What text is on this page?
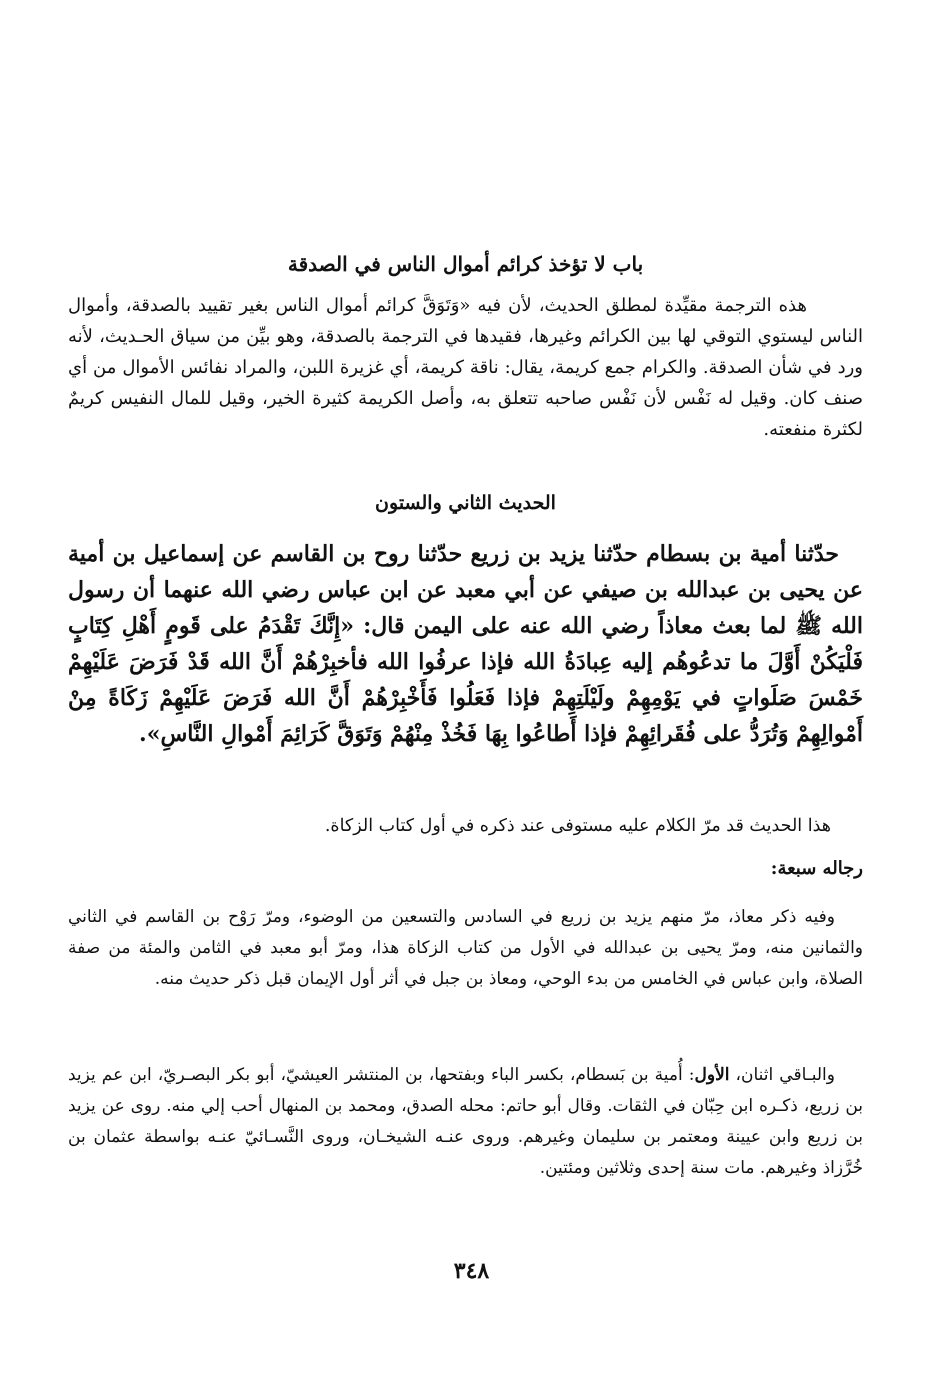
باب لا تؤخذ كرائم أموال الناس في الصدقة

هذه الترجمة مقيِّدة لمطلق الحديث، لأن فيه «وَتَوَقَّ كرائم أموال الناس بغير تقييد بالصدقة، وأموال الناس ليستوي التوقي لها بين الكرائم وغيرها، فقيدها في الترجمة بالصدقة، وهو بيِّن من سياق الحـديث، لأنه ورد في شأن الصدقة. والكرام جمع كريمة، يقال: ناقة كريمة، أي غزيرة اللبن، والمراد نفائس الأموال من أي صنف كان. وقيل له نَفْس لأن نَفْس صاحبه تتعلق به، وأصل الكريمة كثيرة الخير، وقيل للمال النفيس كريمٌ لكثرة منفعته.

الحديث الثاني والستون

حدّثنا أمية بن بسطام حدّثنا يزيد بن زريع حدّثنا روح بن القاسم عن إسماعيل بن أمية عن يحيى بن عبدالله بن صيفي عن أبي معبد عن ابن عباس رضي الله عنهما أن رسول الله ﷺ لما بعث معاذاً رضي الله عنه على اليمن قال: «إِنَّكَ تَقْدَمُ على قَومٍ أَهْلِ كِتَابٍ فَلْيَكُنْ أَوَّلَ ما تدعُوهُم إليه عِبادَةُ الله فإذا عرفُوا الله فأخبِرْهُمْ أَنَّ الله قَدْ فَرَضَ عَلَيْهِمْ خَمْسَ صَلَواتٍ في يَوْمِهِمْ ولَيْلَتِهِمْ فإذا فَعَلُوا فَأَخْبِرْهُمْ أَنَّ الله فَرَضَ عَلَيْهِمْ زَكَاةً مِنْ أَمْوالِهِمْ وَتُرَدُّ على فُقَرائِهِمْ فإذا أَطاعُوا بِهَا فَخُذْ مِنْهُمْ وَتَوَقَّ كَرَائِمَ أَمْوالِ النَّاسِ».

هذا الحديث قد مرّ الكلام عليه مستوفى عند ذكره في أول كتاب الزكاة.

رجاله سبعة:

وفيه ذكر معاذ، مرّ منهم يزيد بن زريع في السادس والتسعين من الوضوء، ومرّ رَوْح بن القاسم في الثاني والثمانين منه، ومرّ يحيى بن عبدالله في الأول من كتاب الزكاة هذا، ومرّ أبو معبد في الثامن والمئة من صفة الصلاة، وابن عباس في الخامس من بدء الوحي، ومعاذ بن جبل في أثر أول الإيمان قبل ذكر حديث منه.

والبـاقي اثنان، الأول: أُمية بن بَسطام، بكسر الباء وبفتحها، بن المنتشر العيشيّ، أبو بكر البصـريّ، ابن عم يزيد بن زريع، ذكـره ابن حِبّان في الثقات. وقال أبو حاتم: محله الصدق، ومحمد بن المنهال أحب إلي منه. روى عن يزيد بن زريع وابن عيينة ومعتمر بن سليمان وغيرهم. وروى عنـه الشيخـان، وروى النَّسـائيّ عنـه بواسطة عثمان بن خُرَّزاذ وغيرهم. مات سنة إحدى وثلاثين ومئتين.

٣٤٨
